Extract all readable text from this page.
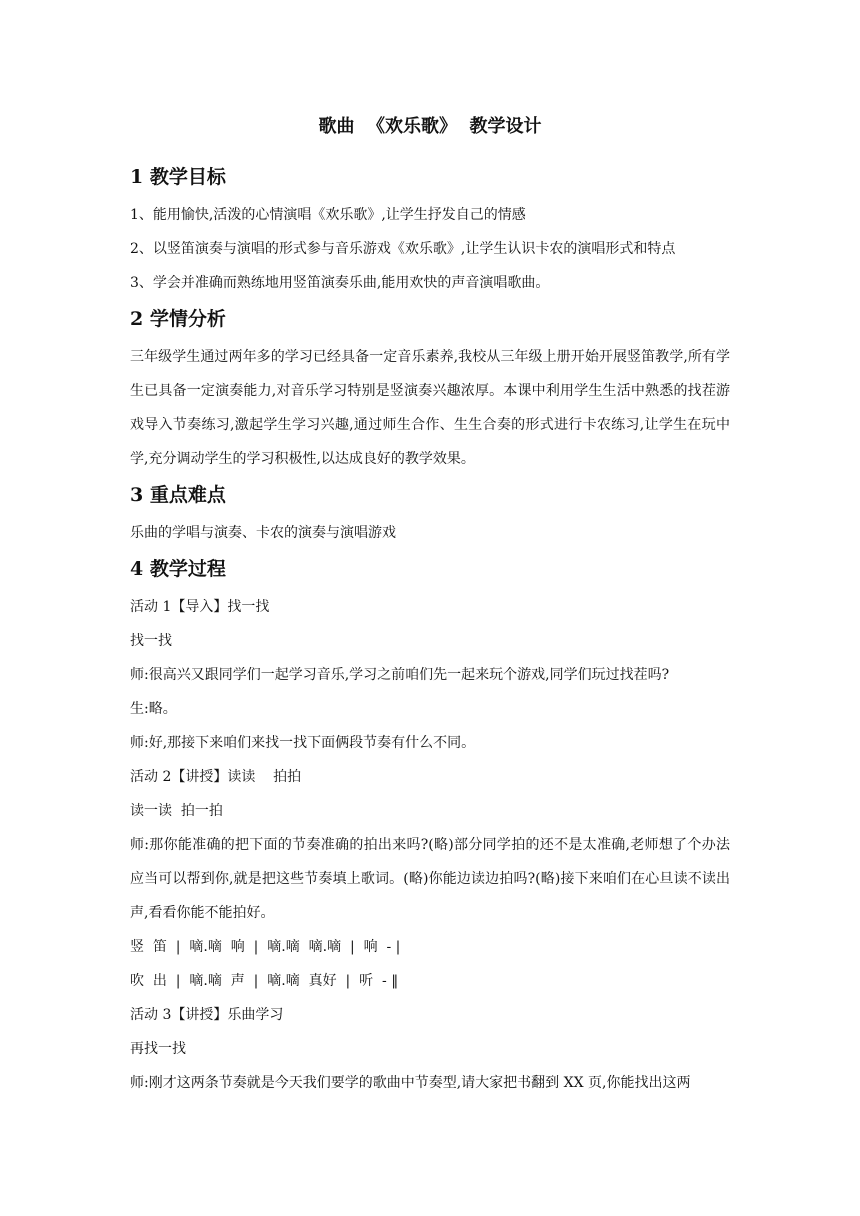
歌曲  《欢乐歌》  教学设计
1 教学目标
1、能用愉快,活泼的心情演唱《欢乐歌》,让学生抒发自己的情感
2、以竖笛演奏与演唱的形式参与音乐游戏《欢乐歌》,让学生认识卡农的演唱形式和特点
3、学会并准确而熟练地用竖笛演奏乐曲,能用欢快的声音演唱歌曲。
2 学情分析

三年级学生通过两年多的学习已经具备一定音乐素养,我校从三年级上册开始开展竖笛教学,所有学生已具备一定演奏能力,对音乐学习特别是竖演奏兴趣浓厚。本课中利用学生生活中熟悉的找茬游戏导入节奏练习,激起学生学习兴趣,通过师生合作、生生合奏的形式进行卡农练习,让学生在玩中学,充分调动学生的学习积极性,以达成良好的教学效果。

3 重点难点
乐曲的学唱与演奏、卡农的演奏与演唱游戏
4 教学过程
活动 1【导入】找一找
找一找
师:很高兴又跟同学们一起学习音乐,学习之前咱们先一起来玩个游戏,同学们玩过找茬吗?
生:略。
师:好,那接下来咱们来找一找下面俩段节奏有什么不同。
活动 2【讲授】读读    拍拍
读一读  拍一拍

师:那你能准确的把下面的节奏准确的拍出来吗?(略)部分同学拍的还不是太准确,老师想了个办法应当可以帮到你,就是把这些节奏填上歌词。(略)你能边读边拍吗?(略)接下来咱们在心旦读不读出声,看看你能不能拍好。

竖  笛  |  嘀.嘀  响  |  嘀.嘀  嘀.嘀  |  响  - |
吹  出  |  嘀.嘀  声  |  嘀.嘀  真好  |  听  - ‖
活动 3【讲授】乐曲学习
再找一找
师:刚才这两条节奏就是今天我们要学的歌曲中节奏型,请大家把书翻到 XX 页,你能找出这两
